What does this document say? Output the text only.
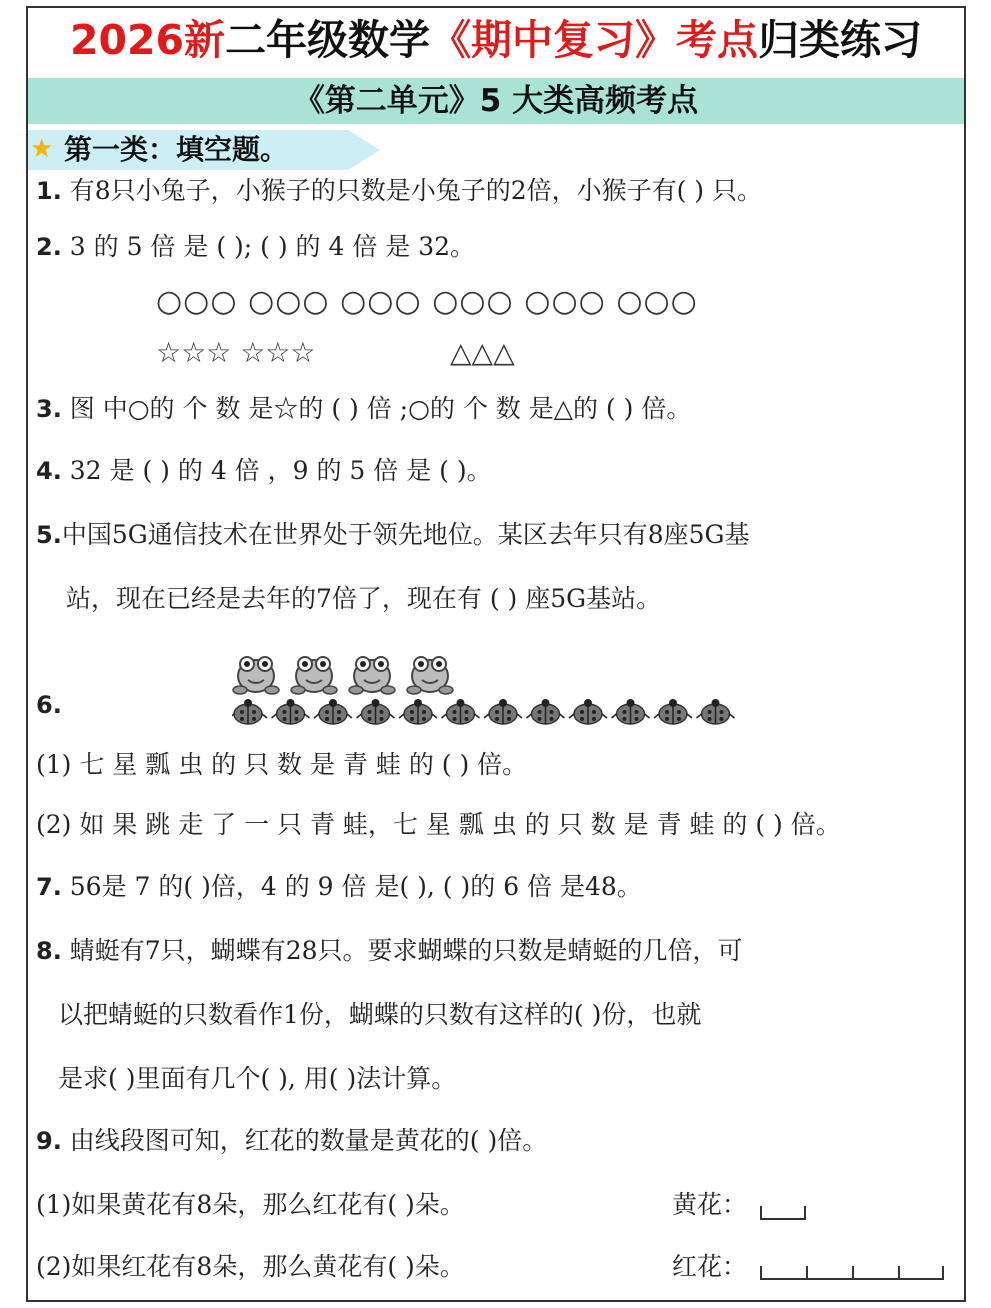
2026新二年级数学《期中复习》考点归类练习
《第二单元》5 大类高频考点
★ 第一类：填空题。
1. 有8只小兔子，小猴子的只数是小兔子的2倍，小猴子有( ) 只。
2. 3 的 5 倍 是 ( ); ( ) 的 4 倍 是 32。
○○○ ○○○ ○○○ ○○○ ○○○ ○○○
☆☆☆ ☆☆☆	△△△
3. 图 中○的 个 数 是☆的 ( ) 倍 ;○的 个 数 是△的 ( ) 倍。
4. 32 是 ( ) 的 4 倍 ，9 的 5 倍 是 ( )。
5.中国5G通信技术在世界处于领先地位。某区去年只有8座5G基
站，现在已经是去年的7倍了，现在有 ( ) 座5G基站。
6.
(1) 七 星 瓢 虫 的 只 数 是 青 蛙 的 ( ) 倍。
(2) 如 果 跳 走 了 一 只 青 蛙，七 星 瓢 虫 的 只 数 是 青 蛙 的 ( ) 倍。
7. 56是 7 的( )倍，4 的 9 倍 是( ), ( )的 6 倍 是48。
8. 蜻蜓有7只，蝴蝶有28只。要求蝴蝶的只数是蜻蜓的几倍，可
以把蜻蜓的只数看作1份，蝴蝶的只数有这样的( )份，也就
是求( )里面有几个( ), 用( )法计算。
9. 由线段图可知，红花的数量是黄花的( )倍。
(1)如果黄花有8朵，那么红花有( )朵。
(2)如果红花有8朵，那么黄花有( )朵。
黄花：
红花：
